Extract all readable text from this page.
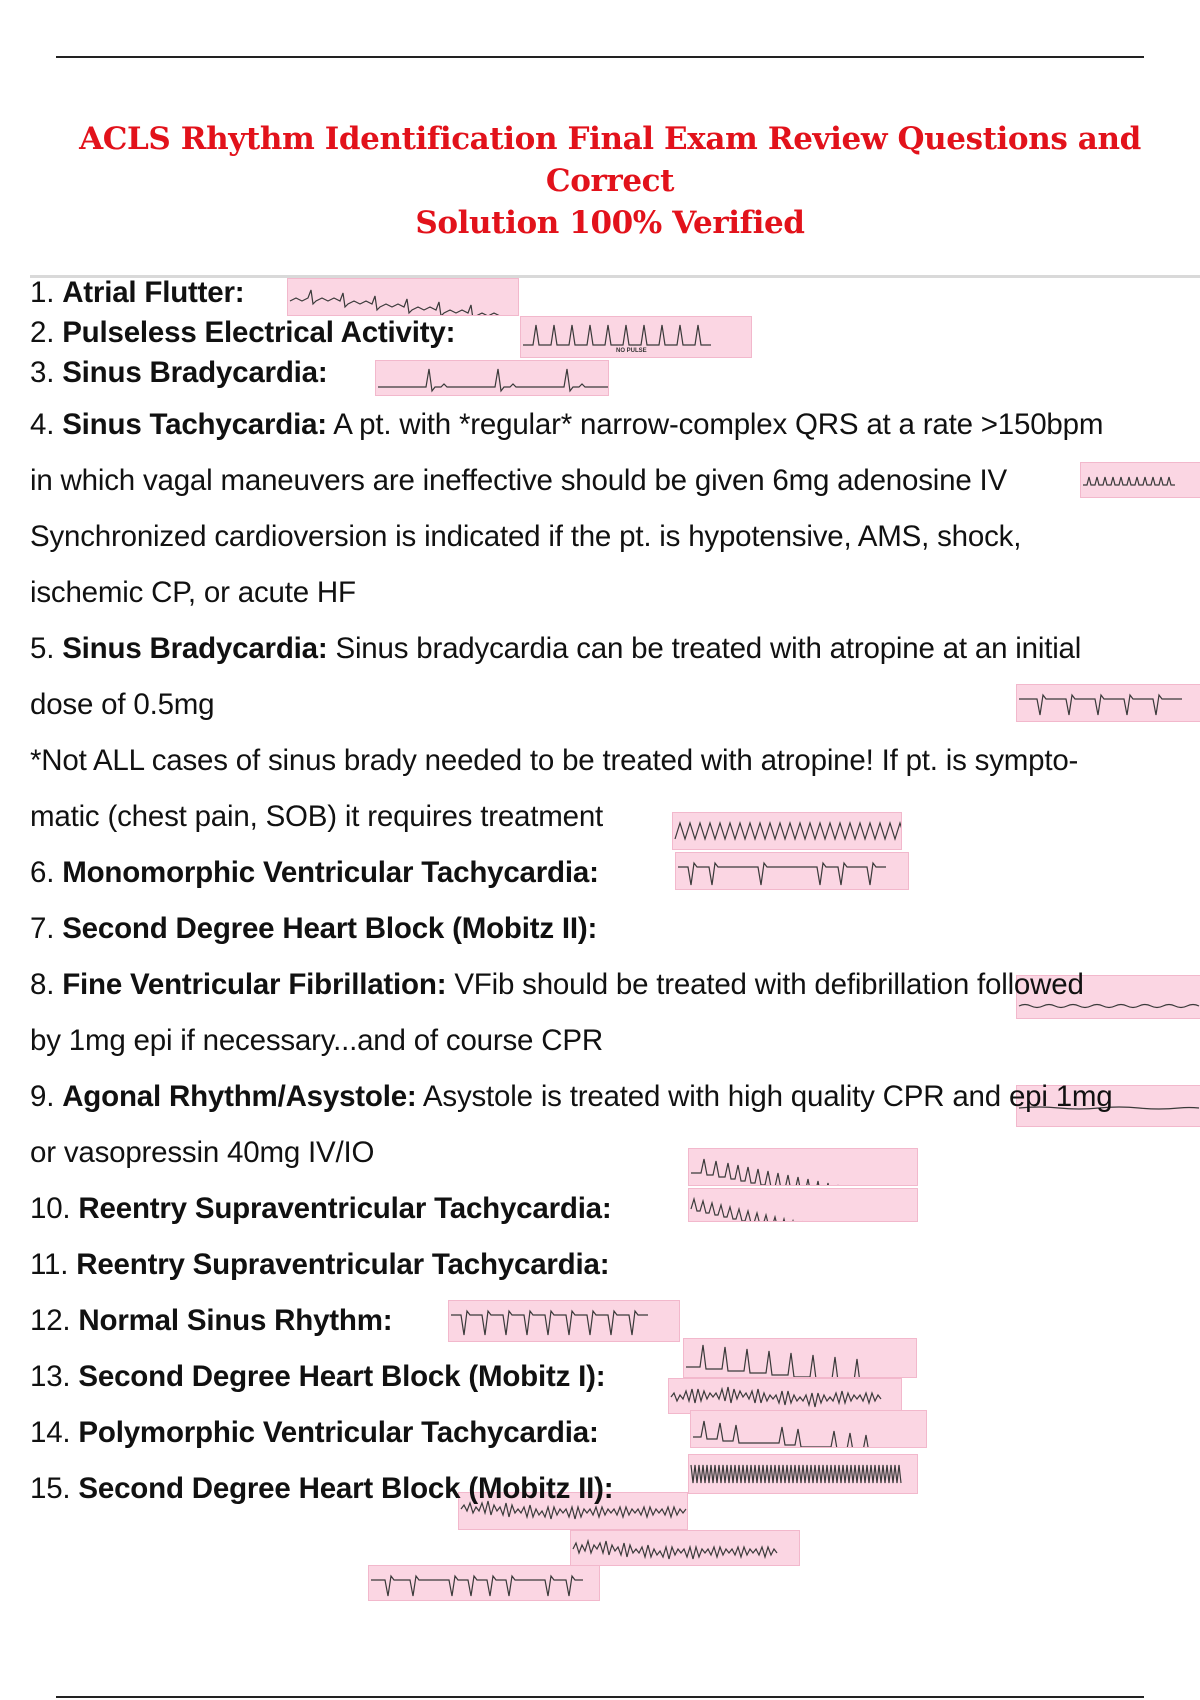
ACLS Rhythm Identification Final Exam Review Questions and Correct
Solution 100% Verified
NO PULSE
1. Atrial Flutter:
2. Pulseless Electrical Activity:
3. Sinus Bradycardia:
4. Sinus Tachycardia: A pt. with *regular* narrow-complex QRS at a rate >150bpm
in which vagal maneuvers are ineffective should be given 6mg adenosine IV
Synchronized cardioversion is indicated if the pt. is hypotensive, AMS, shock,
ischemic CP, or acute HF
5. Sinus Bradycardia: Sinus bradycardia can be treated with atropine at an initial
dose of 0.5mg
*Not ALL cases of sinus brady needed to be treated with atropine! If pt. is sympto-
matic (chest pain, SOB) it requires treatment
6. Monomorphic Ventricular Tachycardia:
7. Second Degree Heart Block (Mobitz II):
8. Fine Ventricular Fibrillation: VFib should be treated with defibrillation followed
by 1mg epi if necessary...and of course CPR
9. Agonal Rhythm/Asystole: Asystole is treated with high quality CPR and epi 1mg
or vasopressin 40mg IV/IO
10. Reentry Supraventricular Tachycardia:
11. Reentry Supraventricular Tachycardia:
12. Normal Sinus Rhythm:
13. Second Degree Heart Block (Mobitz I):
14. Polymorphic Ventricular Tachycardia:
15. Second Degree Heart Block (Mobitz II):
